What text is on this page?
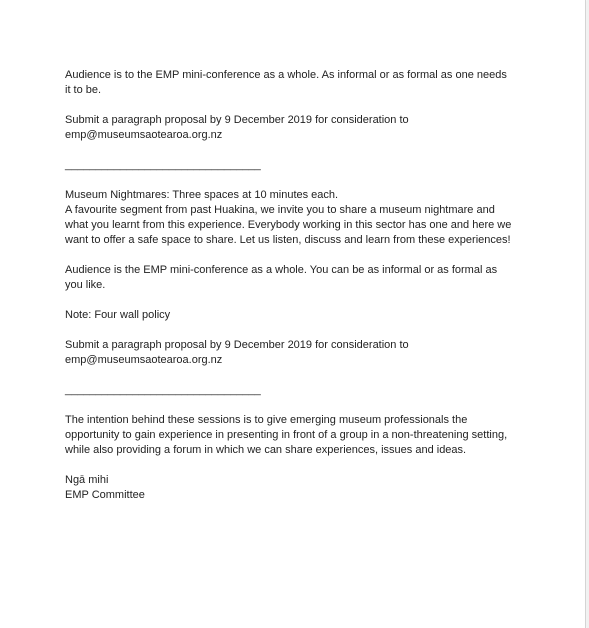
Audience is to the EMP mini-conference as a whole. As informal or as formal as one needs
it to be.

Submit a paragraph proposal by 9 December 2019 for consideration to
emp@museumsaotearoa.org.nz

________________________________

Museum Nightmares: Three spaces at 10 minutes each.
A favourite segment from past Huakina, we invite you to share a museum nightmare and
what you learnt from this experience. Everybody working in this sector has one and here we
want to offer a safe space to share. Let us listen, discuss and learn from these experiences!

Audience is the EMP mini-conference as a whole. You can be as informal or as formal as
you like.

Note: Four wall policy

Submit a paragraph proposal by 9 December 2019 for consideration to
emp@museumsaotearoa.org.nz

________________________________

The intention behind these sessions is to give emerging museum professionals the
opportunity to gain experience in presenting in front of a group in a non-threatening setting,
while also providing a forum in which we can share experiences, issues and ideas.

Ngā mihi
EMP Committee
